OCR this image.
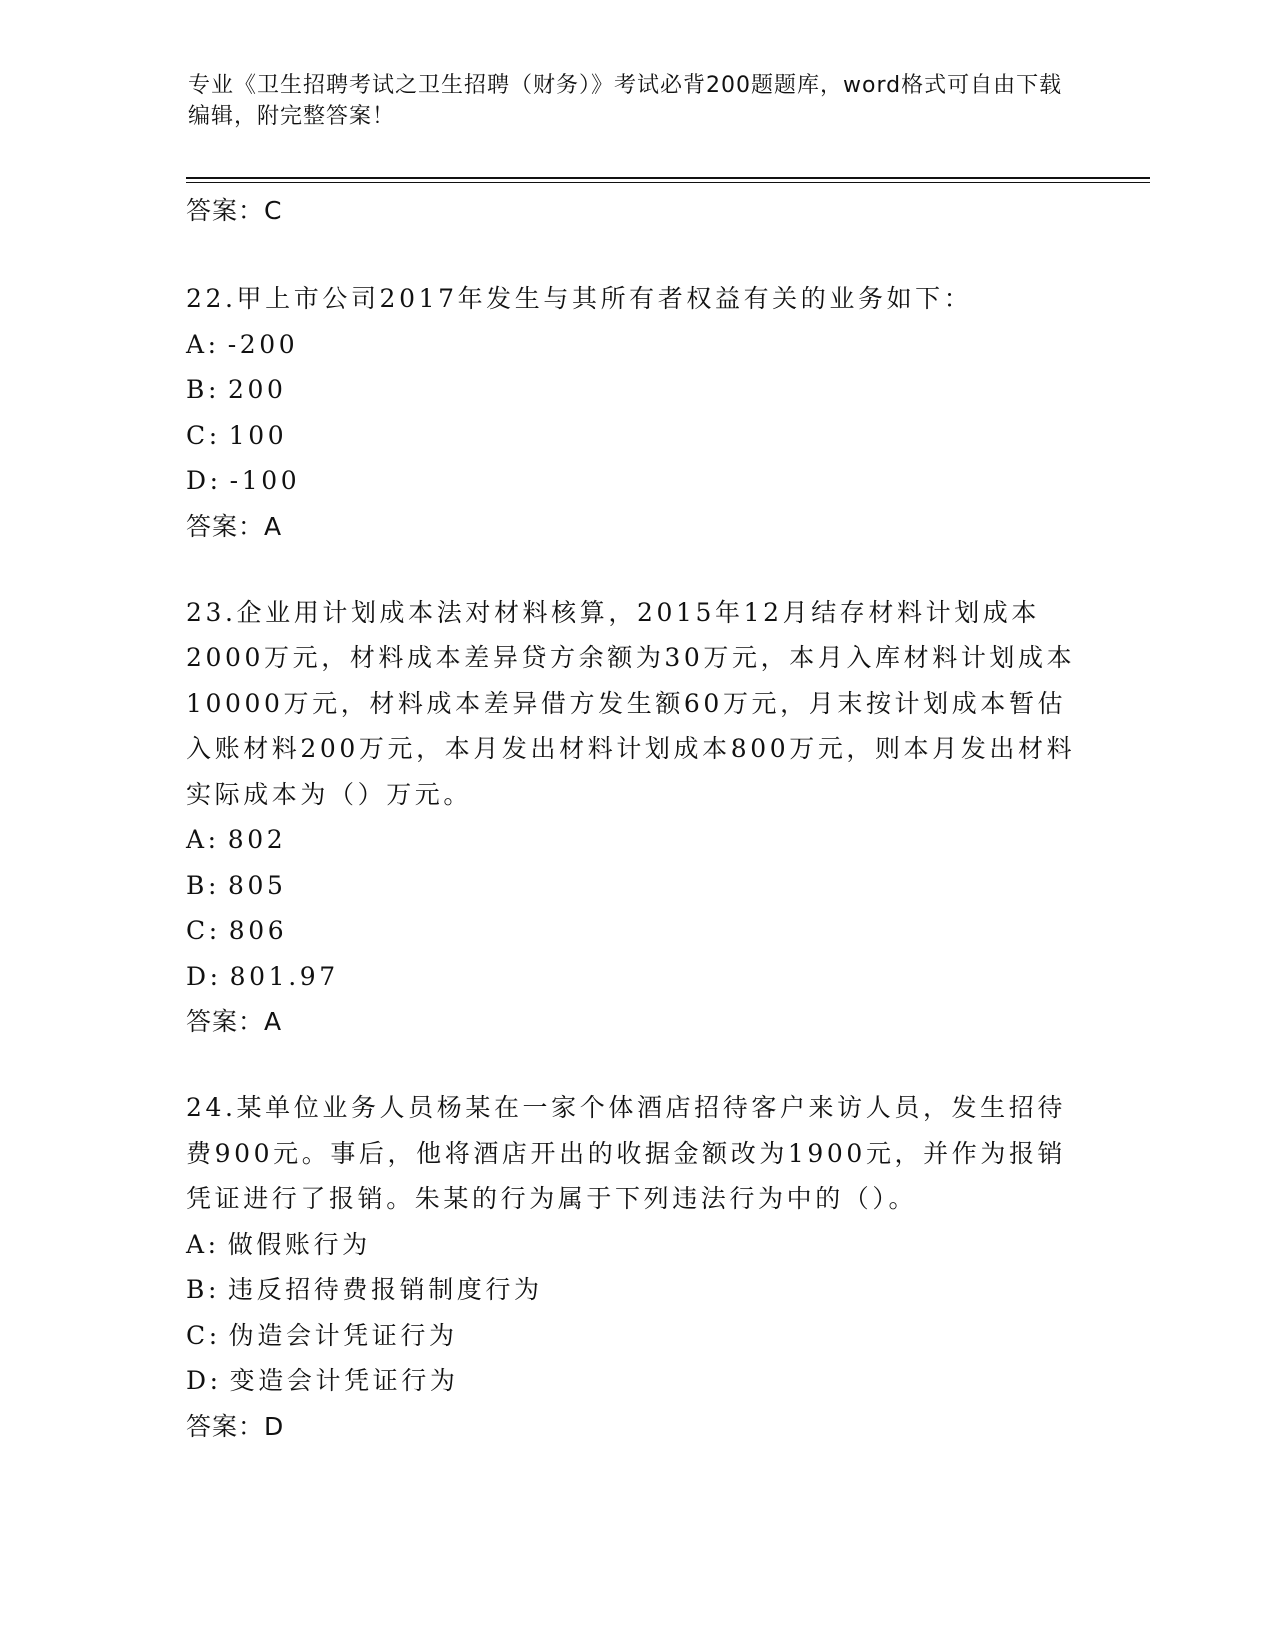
专业《卫生招聘考试之卫生招聘（财务）》考试必背200题题库，word格式可自由下载编辑，附完整答案！
答案：C
22.甲上市公司2017年发生与其所有者权益有关的业务如下：
A: -200
B: 200
C: 100
D: -100
答案：A
23.企业用计划成本法对材料核算，2015年12月结存材料计划成本2000万元，材料成本差异贷方余额为30万元，本月入库材料计划成本10000万元，材料成本差异借方发生额60万元，月末按计划成本暂估入账材料200万元，本月发出材料计划成本800万元，则本月发出材料实际成本为（）万元。
A: 802
B: 805
C: 806
D: 801.97
答案：A
24.某单位业务人员杨某在一家个体酒店招待客户来访人员，发生招待费900元。事后，他将酒店开出的收据金额改为1900元，并作为报销凭证进行了报销。朱某的行为属于下列违法行为中的（）。
A: 做假账行为
B: 违反招待费报销制度行为
C: 伪造会计凭证行为
D: 变造会计凭证行为
答案：D
